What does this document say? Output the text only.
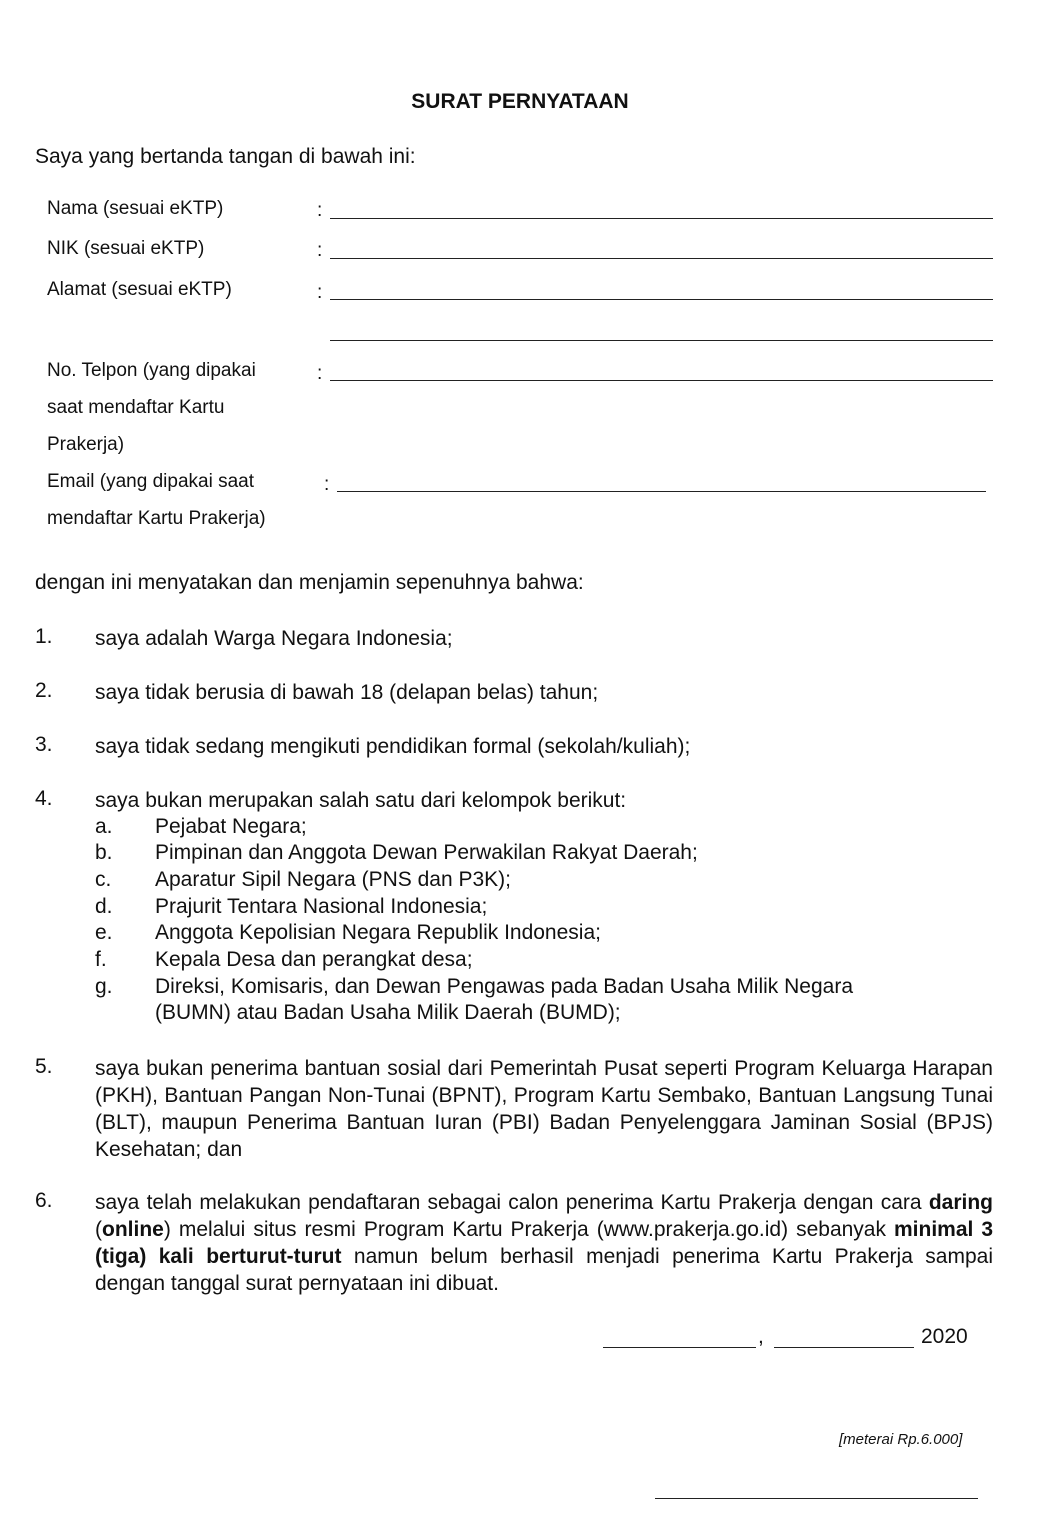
SURAT PERNYATAAN
Saya yang bertanda tangan di bawah ini:
Nama (sesuai eKTP)	:
NIK (sesuai eKTP)	:
Alamat (sesuai eKTP)	:
No. Telpon (yang dipakai
saat mendaftar Kartu
Prakerja)
:
Email (yang dipakai saat
mendaftar Kartu Prakerja)
:
dengan ini menyatakan dan menjamin sepenuhnya bahwa:
1. saya adalah Warga Negara Indonesia;
2. saya tidak berusia di bawah 18 (delapan belas) tahun;
3. saya tidak sedang mengikuti pendidikan formal (sekolah/kuliah);
4. saya bukan merupakan salah satu dari kelompok berikut:
a. Pejabat Negara;
b. Pimpinan dan Anggota Dewan Perwakilan Rakyat Daerah;
c. Aparatur Sipil Negara (PNS dan P3K);
d. Prajurit Tentara Nasional Indonesia;
e. Anggota Kepolisian Negara Republik Indonesia;
f. Kepala Desa dan perangkat desa;
g. Direksi, Komisaris, dan Dewan Pengawas pada Badan Usaha Milik Negara
(BUMN) atau Badan Usaha Milik Daerah (BUMD);
5. saya bukan penerima bantuan sosial dari Pemerintah Pusat seperti Program Keluarga Harapan (PKH), Bantuan Pangan Non-Tunai (BPNT), Program Kartu Sembako, Bantuan Langsung Tunai (BLT), maupun Penerima Bantuan Iuran (PBI) Badan Penyelenggara Jaminan Sosial (BPJS) Kesehatan; dan
6. saya telah melakukan pendaftaran sebagai calon penerima Kartu Prakerja dengan cara daring (online) melalui situs resmi Program Kartu Prakerja (www.prakerja.go.id) sebanyak minimal 3 (tiga) kali berturut-turut namun belum berhasil menjadi penerima Kartu Prakerja sampai dengan tanggal surat pernyataan ini dibuat.
,	2020
[meterai Rp.6.000]
